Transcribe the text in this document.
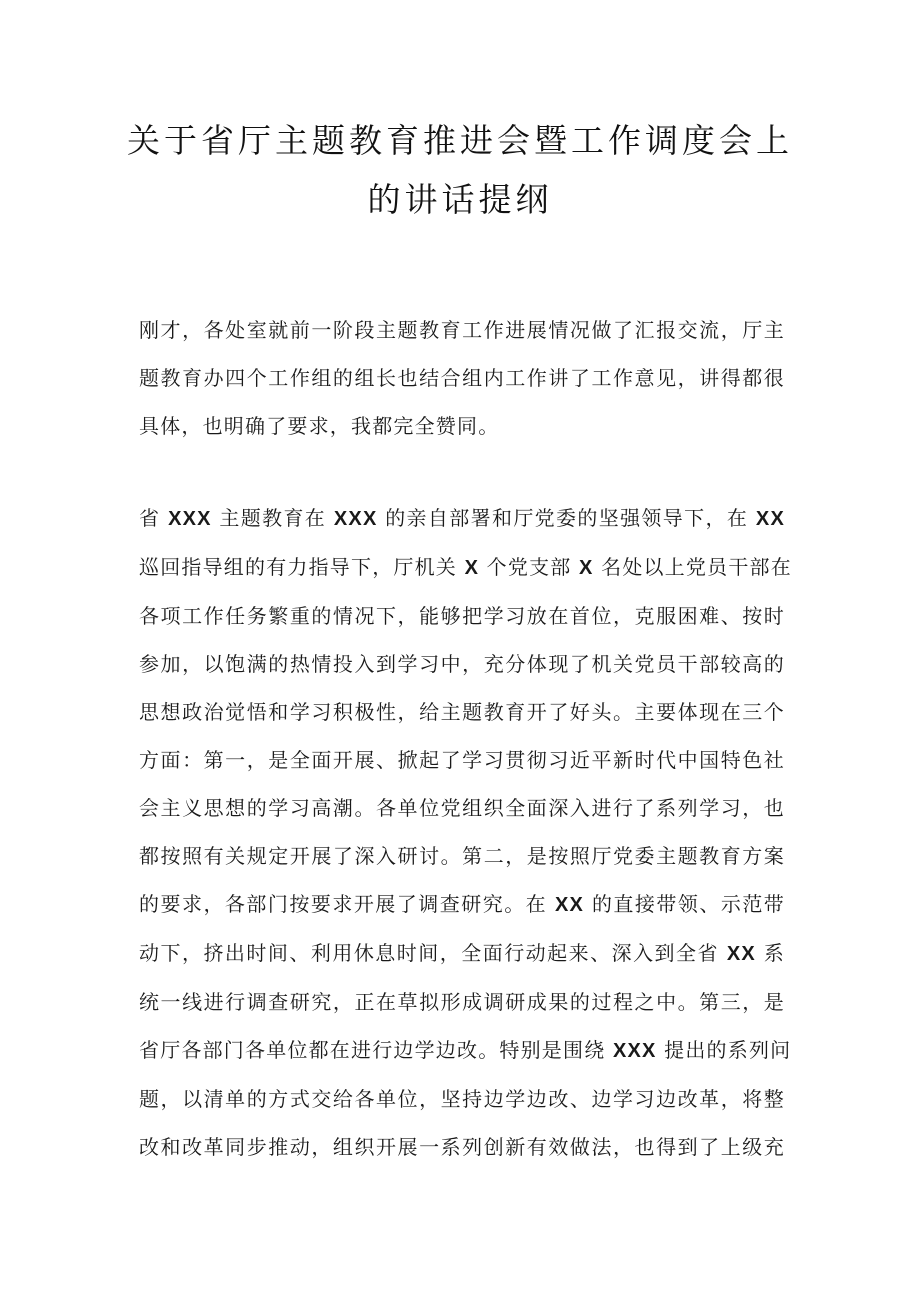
关于省厅主题教育推进会暨工作调度会上
的讲话提纲
刚才，各处室就前一阶段主题教育工作进展情况做了汇报交流，厅主
题教育办四个工作组的组长也结合组内工作讲了工作意见，讲得都很
具体，也明确了要求，我都完全赞同。
省 XXX 主题教育在 XXX 的亲自部署和厅党委的坚强领导下，在 XX
巡回指导组的有力指导下，厅机关 X 个党支部 X 名处以上党员干部在
各项工作任务繁重的情况下，能够把学习放在首位，克服困难、按时
参加，以饱满的热情投入到学习中，充分体现了机关党员干部较高的
思想政治觉悟和学习积极性，给主题教育开了好头。主要体现在三个
方面：第一，是全面开展、掀起了学习贯彻习近平新时代中国特色社
会主义思想的学习高潮。各单位党组织全面深入进行了系列学习，也
都按照有关规定开展了深入研讨。第二，是按照厅党委主题教育方案
的要求，各部门按要求开展了调查研究。在 XX 的直接带领、示范带
动下，挤出时间、利用休息时间，全面行动起来、深入到全省 XX 系
统一线进行调查研究，正在草拟形成调研成果的过程之中。第三，是
省厅各部门各单位都在进行边学边改。特别是围绕 XXX 提出的系列问
题，以清单的方式交给各单位，坚持边学边改、边学习边改革，将整
改和改革同步推动，组织开展一系列创新有效做法，也得到了上级充
